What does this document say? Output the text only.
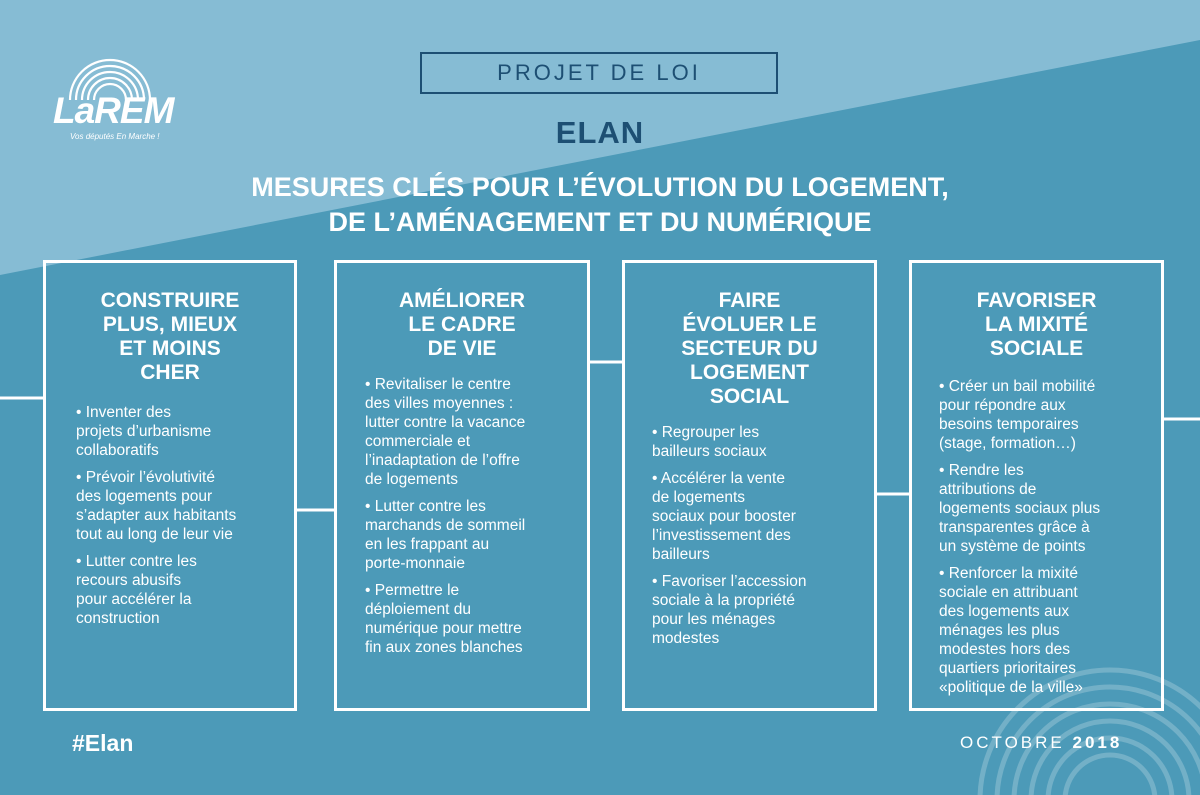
LaREM
Vos députés En Marche !
PROJET DE LOI
ELAN
MESURES CLÉS POUR L’ÉVOLUTION DU LOGEMENT,
DE L’AMÉNAGEMENT ET DU NUMÉRIQUE
CONSTRUIRE
PLUS, MIEUX
ET MOINS
CHER
• Inventer des
projets d’urbanisme
collaboratifs
• Prévoir l’évolutivité
des logements pour
s’adapter aux habitants
tout au long de leur vie
• Lutter contre les
recours abusifs
pour accélérer la
construction
AMÉLIORER
LE CADRE
DE VIE
• Revitaliser le centre
des villes moyennes :
lutter contre la vacance
commerciale et
l’inadaptation de l’offre
de logements
• Lutter contre les
marchands de sommeil
en les frappant au
porte-monnaie
• Permettre le
déploiement du
numérique pour mettre
fin aux zones blanches
FAIRE
ÉVOLUER LE
SECTEUR DU
LOGEMENT
SOCIAL
• Regrouper les
bailleurs sociaux
• Accélérer la vente
de logements
sociaux pour booster
l’investissement des
bailleurs
• Favoriser l’accession
sociale à la propriété
pour les ménages
modestes
FAVORISER
LA MIXITÉ
SOCIALE
• Créer un bail mobilité
pour répondre aux
besoins temporaires
(stage, formation…)
• Rendre les
attributions de
logements sociaux plus
transparentes grâce à
un système de points
• Renforcer la mixité
sociale en attribuant
des logements aux
ménages les plus
modestes hors des
quartiers prioritaires
«politique de la ville»
#Elan	OCTOBRE 2018
